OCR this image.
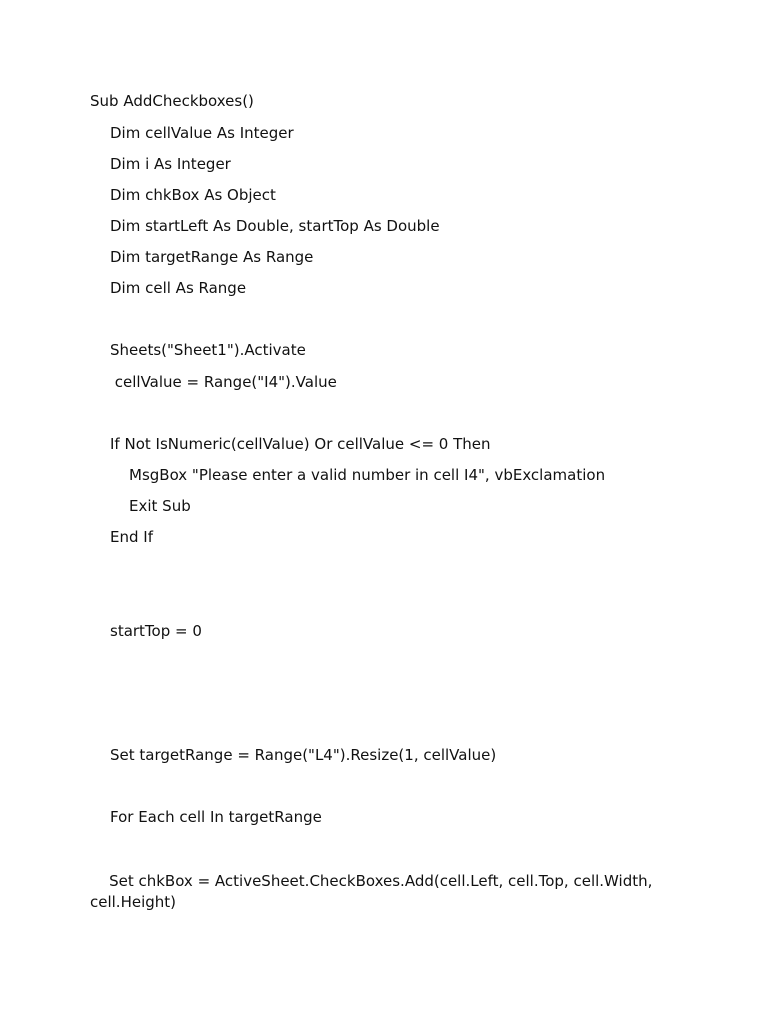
Sub AddCheckboxes()
Dim cellValue As Integer
Dim i As Integer
Dim chkBox As Object
Dim startLeft As Double, startTop As Double
Dim targetRange As Range
Dim cell As Range
Sheets("Sheet1").Activate
cellValue = Range("I4").Value
If Not IsNumeric(cellValue) Or cellValue <= 0 Then
MsgBox "Please enter a valid number in cell I4", vbExclamation
Exit Sub
End If
startTop = 0
Set targetRange = Range("L4").Resize(1, cellValue)
For Each cell In targetRange
Set chkBox = ActiveSheet.CheckBoxes.Add(cell.Left, cell.Top, cell.Width, cell.Height)
